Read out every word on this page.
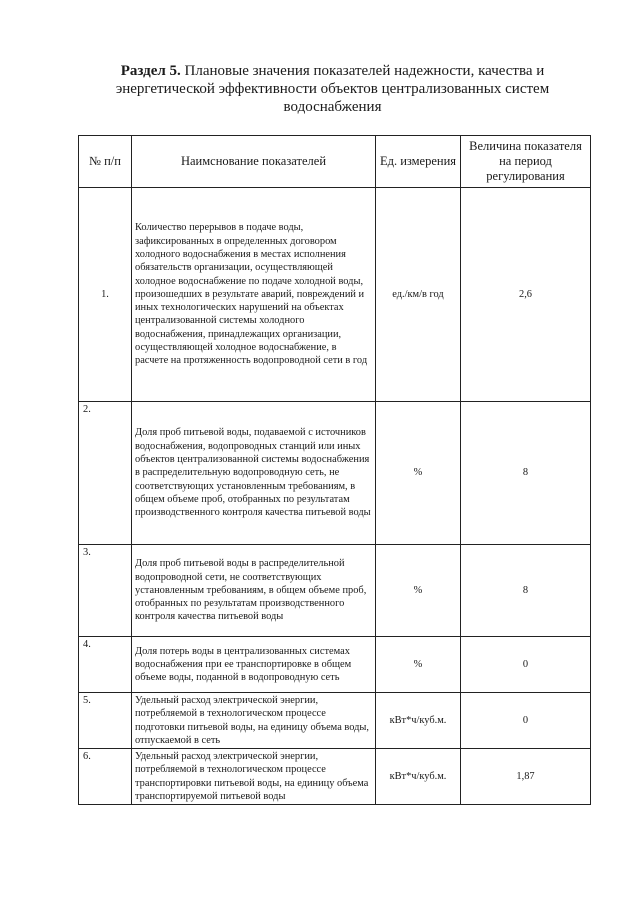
Раздел 5. Плановые значения показателей надежности, качества и энергетической эффективности объектов централизованных систем водоснабжения
№ п/п	Наимснование показателей	Ед. измерения	Величина показателя на период регулирования
1.	Количество перерывов в подаче воды, зафиксированных в определенных договором холодного водоснабжения в местах исполнения обязательств организации, осуществляющей холодное водоснабжение по подаче холодной воды, произошедших в результате аварий, повреждений и иных технологических нарушений на объектах централизованной системы холодного водоснабжения, принадлежащих организации, осуществляющей холодное водоснабжение, в расчете на протяженность водопроводной сети в год	ед./км/в год	2,6
2.	Доля проб питьевой воды, подаваемой с источников водоснабжения, водопроводных станций или иных объектов централизованной системы водоснабжения в распределительную водопроводную сеть, не соответствующих установленным требованиям, в общем объеме проб, отобранных по результатам производственного контроля качества питьевой воды	%	8
3.	Доля проб питьевой воды в распределительной водопроводной сети, не соответствующих установленным требованиям, в общем объеме проб, отобранных по результатам производственного контроля качества питьевой воды	%	8
4.	Доля потерь воды в централизованных системах водоснабжения при ее транспортировке в общем объеме воды, поданной в водопроводную сеть	%	0
5.	Удельный расход электрической энергии, потребляемой в технологическом процессе подготовки питьевой воды, на единицу объема воды, отпускаемой в сеть	кВт*ч/куб.м.	0
6.	Удельный расход электрической энергии, потребляемой в технологическом процессе транспортировки питьевой воды, на единицу объема транспортируемой питьевой воды	кВт*ч/куб.м.	1,87
